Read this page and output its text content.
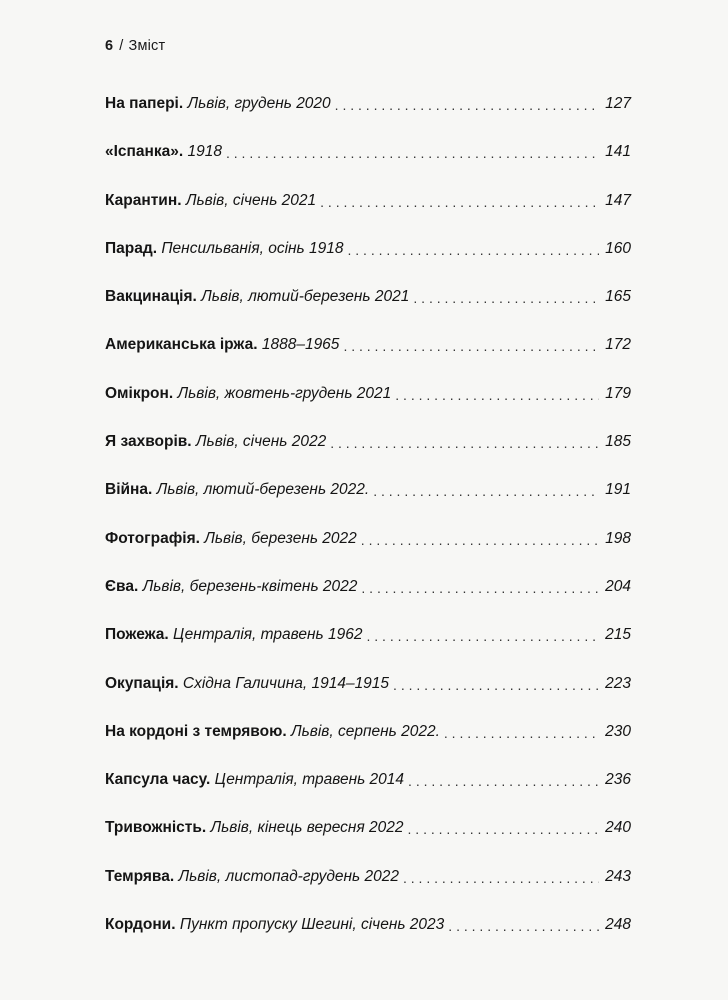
6 / Зміст
На папері. Львів, грудень 2020 . . .	127
«Іспанка». 1918 . . .	141
Карантин. Львів, січень 2021 . . .	147
Парад. Пенсильванія, осінь 1918 . . .	160
Вакцинація. Львів, лютий-березень 2021 . . .	165
Американська іржа. 1888–1965 . . .	172
Омікрон. Львів, жовтень-грудень 2021 . . .	179
Я захворів. Львів, січень 2022 . . .	185
Війна. Львів, лютий-березень 2022. . . .	191
Фотографія. Львів, березень 2022 . . .	198
Єва. Львів, березень-квітень 2022 . . .	204
Пожежа. Централія, травень 1962 . . .	215
Окупація. Східна Галичина, 1914–1915 . . .	223
На кордоні з темрявою. Львів, серпень 2022. . . .	230
Капсула часу. Централія, травень 2014 . . .	236
Тривожність. Львів, кінець вересня 2022 . . .	240
Темрява. Львів, листопад-грудень 2022 . . .	243
Кордони. Пункт пропуску Шегині, січень 2023 . . .	248
